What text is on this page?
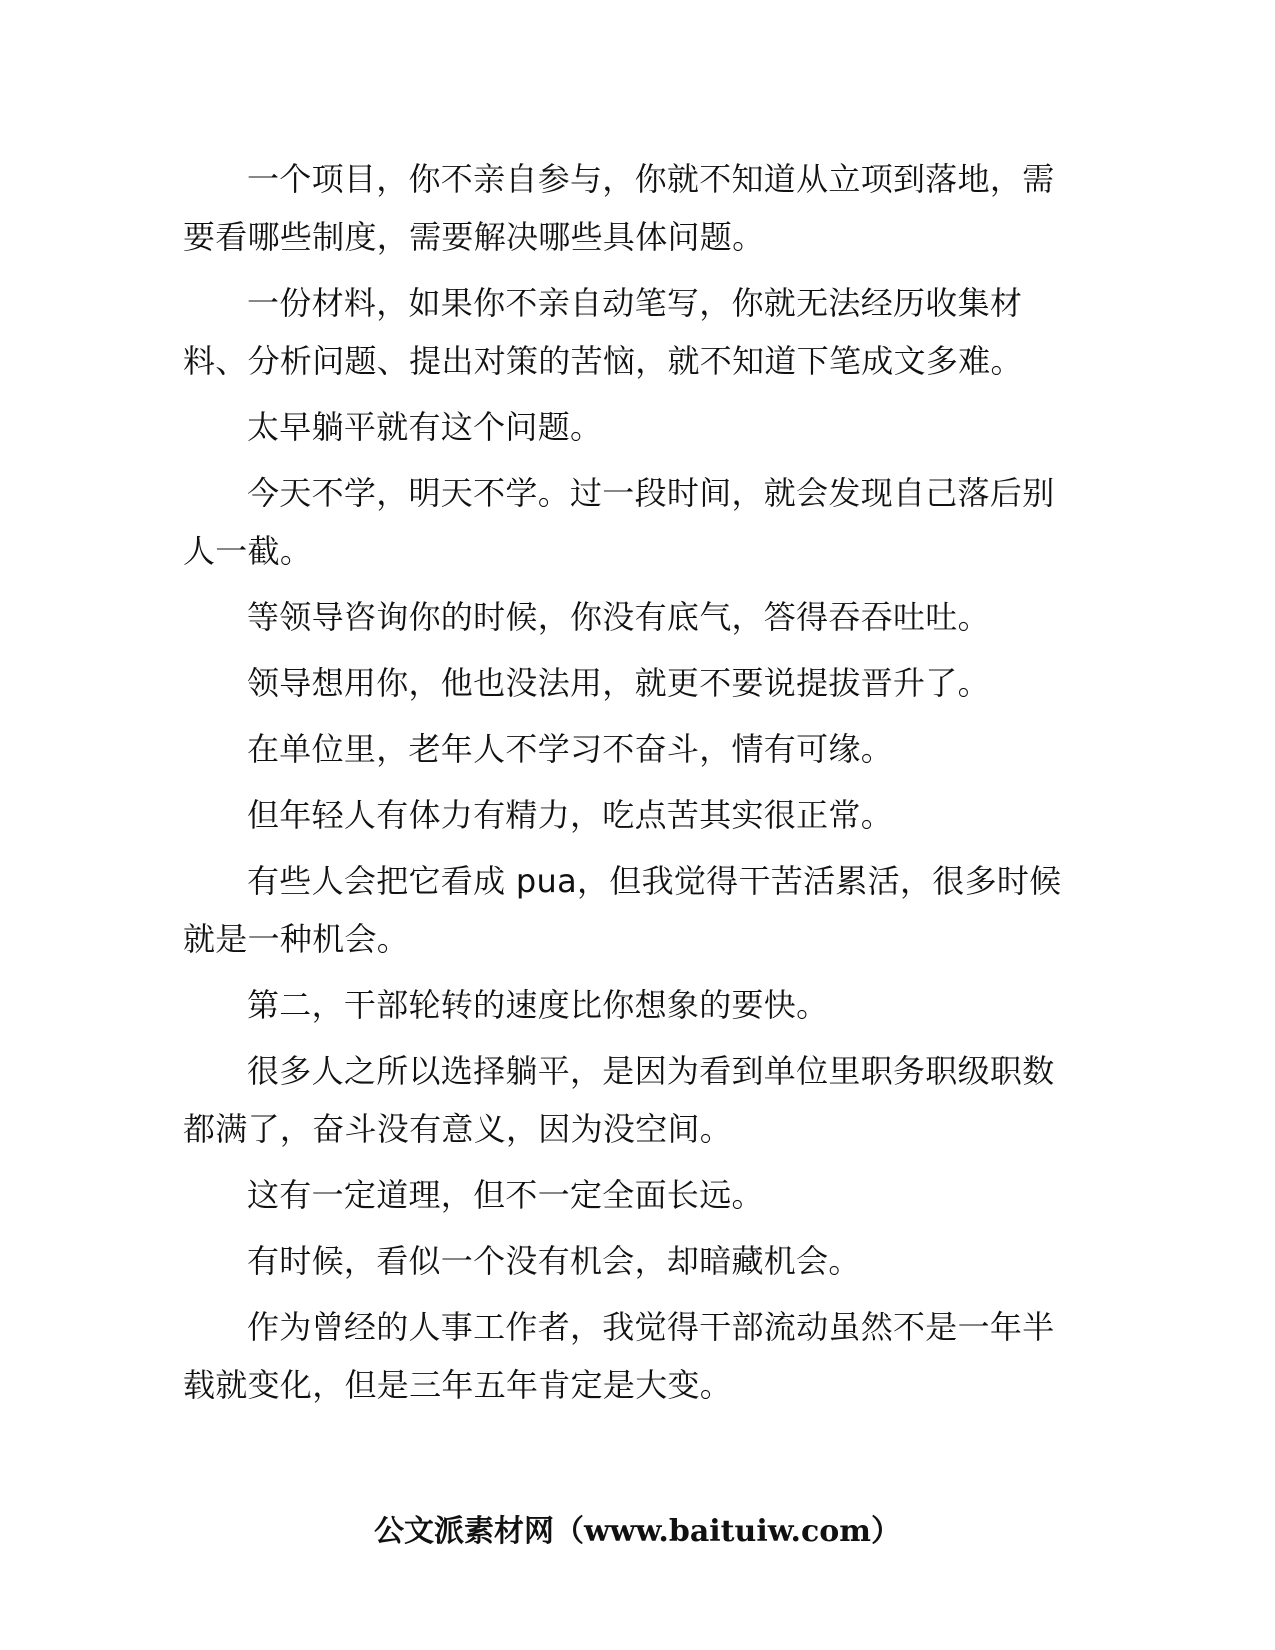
一个项目，你不亲自参与，你就不知道从立项到落地，需要看哪些制度，需要解决哪些具体问题。

一份材料，如果你不亲自动笔写，你就无法经历收集材料、分析问题、提出对策的苦恼，就不知道下笔成文多难。

太早躺平就有这个问题。

今天不学，明天不学。过一段时间，就会发现自己落后别人一截。

等领导咨询你的时候，你没有底气，答得吞吞吐吐。

领导想用你，他也没法用，就更不要说提拔晋升了。

在单位里，老年人不学习不奋斗，情有可缘。

但年轻人有体力有精力，吃点苦其实很正常。

有些人会把它看成 pua，但我觉得干苦活累活，很多时候就是一种机会。

第二，干部轮转的速度比你想象的要快。

很多人之所以选择躺平，是因为看到单位里职务职级职数都满了，奋斗没有意义，因为没空间。

这有一定道理，但不一定全面长远。

有时候，看似一个没有机会，却暗藏机会。

作为曾经的人事工作者，我觉得干部流动虽然不是一年半载就变化，但是三年五年肯定是大变。

公文派素材网（www.baituiw.com）
